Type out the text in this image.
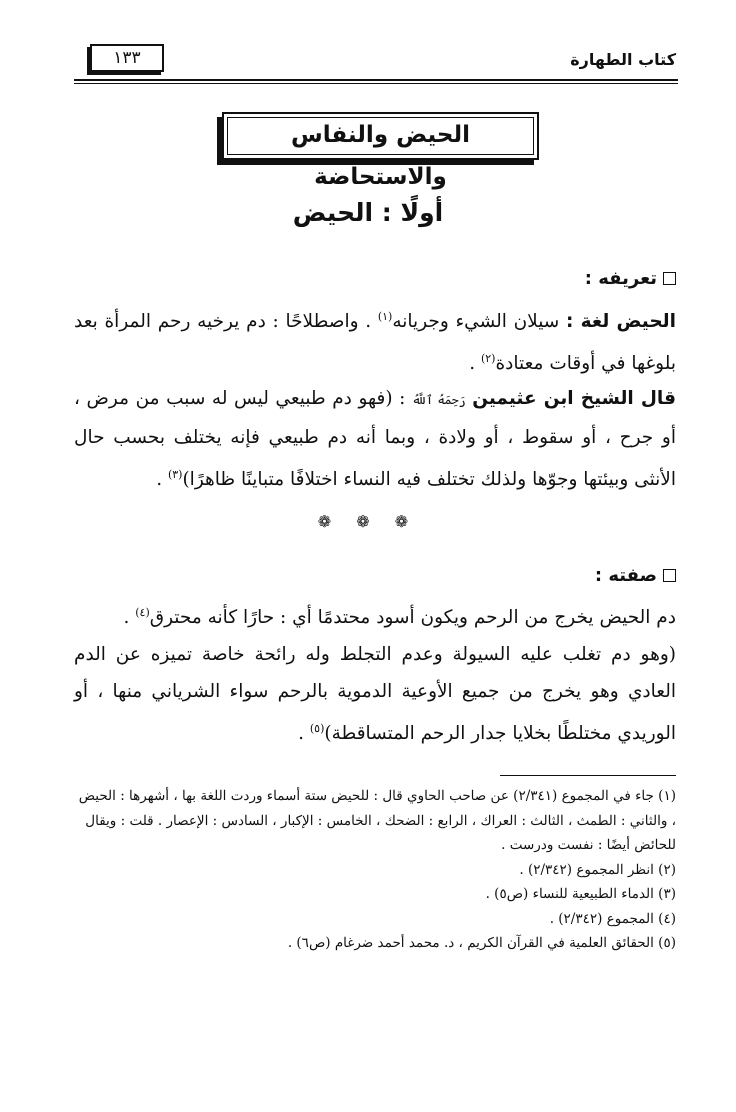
كتاب الطهارة
١٣٣
الحيض والنفاس والاستحاضة
أولًا : الحيض
تعريفه :
الحيض لغة : سيلان الشيء وجريانه$^{(١)}$ . واصطلاحًا : دم يرخيه رحم المرأة بعد بلوغها في أوقات معتادة$^{(٢)}$ .
قال الشيخ ابن عثيمين رَحِمَهُ ٱللَّهُ : (فهو دم طبيعي ليس له سبب من مرض ، أو جرح ، أو سقوط ، أو ولادة ، وبما أنه دم طبيعي فإنه يختلف بحسب حال الأنثى وبيئتها وجوّها ولذلك تختلف فيه النساء اختلافًا متباينًا ظاهرًا)$^{(٣)}$ .
❁ ❁ ❁
صفته :
دم الحيض يخرج من الرحم ويكون أسود محتدمًا أي : حارًا كأنه محترق$^{(٤)}$ .
(وهو دم تغلب عليه السيولة وعدم التجلط وله رائحة خاصة تميزه عن الدم العادي وهو يخرج من جميع الأوعية الدموية بالرحم سواء الشرياني منها ، أو الوريدي مختلطًا بخلايا جدار الرحم المتساقطة)$^{(٥)}$ .

(١) جاء في المجموع (٢/٣٤١) عن صاحب الحاوي قال : للحيض ستة أسماء وردت اللغة بها ، أشهرها : الحيض ، والثاني : الطمث ، الثالث : العراك ، الرابع : الضحك ، الخامس : الإكبار ، السادس : الإعصار . قلت : ويقال للحائض أيضًا : نفست ودرست .

(٢) انظر المجموع (٢/٣٤٢) .

(٣) الدماء الطبيعية للنساء (ص٥) .

(٤) المجموع (٢/٣٤٢) .

(٥) الحقائق العلمية في القرآن الكريم ، د. محمد أحمد ضرغام (ص٦) .
